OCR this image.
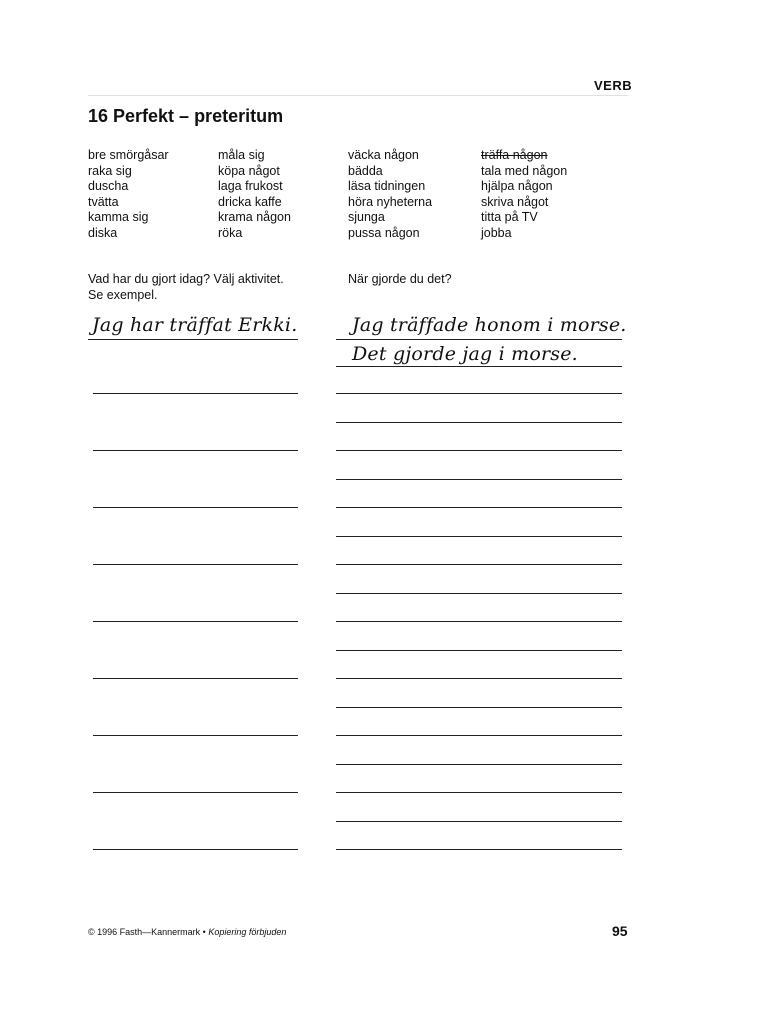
VERB
16 Perfekt – preteritum
bre smörgåsar
raka sig
duscha
tvätta
kamma sig
diska
måla sig
köpa något
laga frukost
dricka kaffe
krama någon
röka
väcka någon
bädda
läsa tidningen
höra nyheterna
sjunga
pussa någon
träffa någon
tala med någon
hjälpa någon
skriva något
titta på TV
jobba
Vad har du gjort idag? Välj aktivitet.
Se exempel.
När gjorde du det?
Jag har träffat Erkki.	Jag träffade honom i morse.
Det gjorde jag i morse.
© 1996 Fasth—Kannermark • Kopiering förbjuden	95
